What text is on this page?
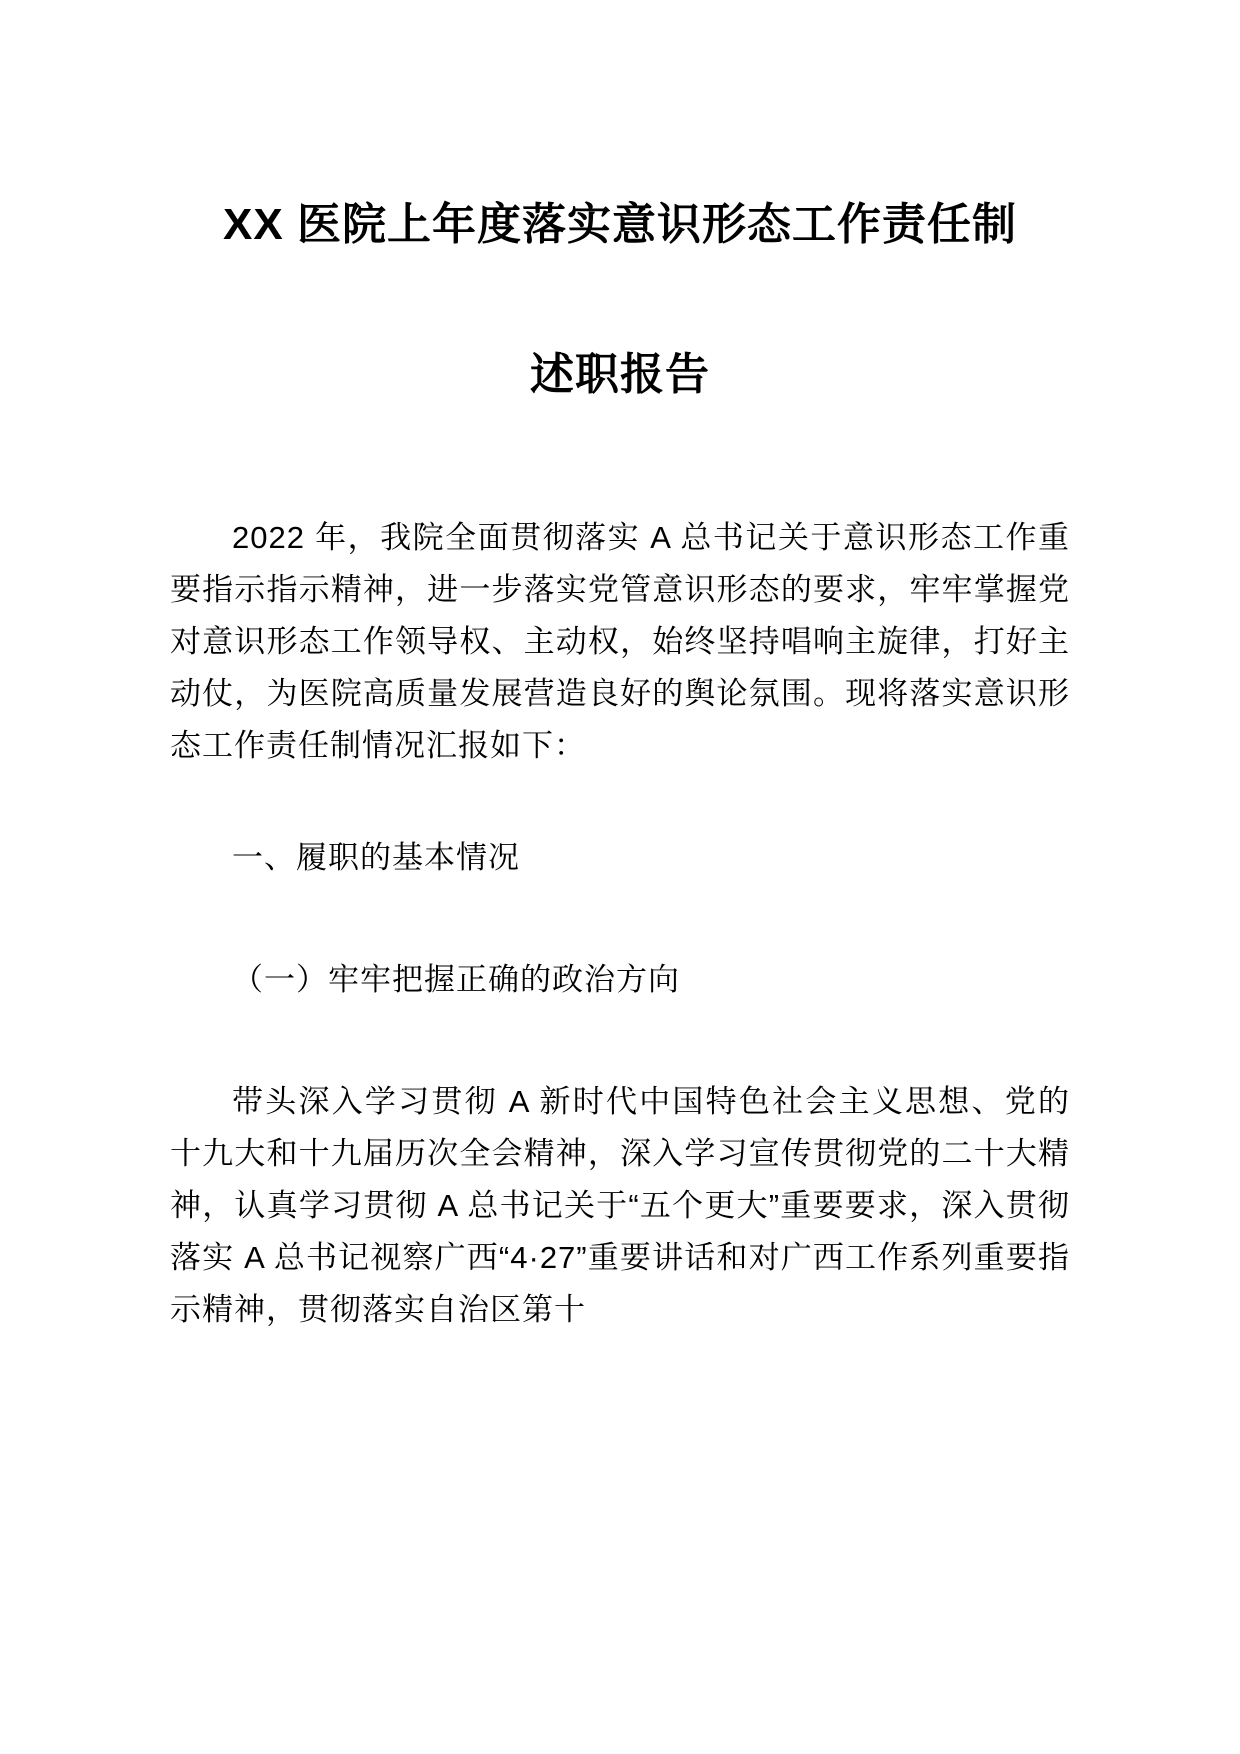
XX 医院上年度落实意识形态工作责任制述职报告

2022 年，我院全面贯彻落实 A 总书记关于意识形态工作重要指示指示精神，进一步落实党管意识形态的要求，牢牢掌握党对意识形态工作领导权、主动权，始终坚持唱响主旋律，打好主动仗，为医院高质量发展营造良好的舆论氛围。现将落实意识形态工作责任制情况汇报如下：

一、履职的基本情况

（一）牢牢把握正确的政治方向

带头深入学习贯彻 A 新时代中国特色社会主义思想、党的十九大和十九届历次全会精神，深入学习宣传贯彻党的二十大精神，认真学习贯彻 A 总书记关于“五个更大”重要要求，深入贯彻落实 A 总书记视察广西“4·27”重要讲话和对广西工作系列重要指示精神，贯彻落实自治区第十
